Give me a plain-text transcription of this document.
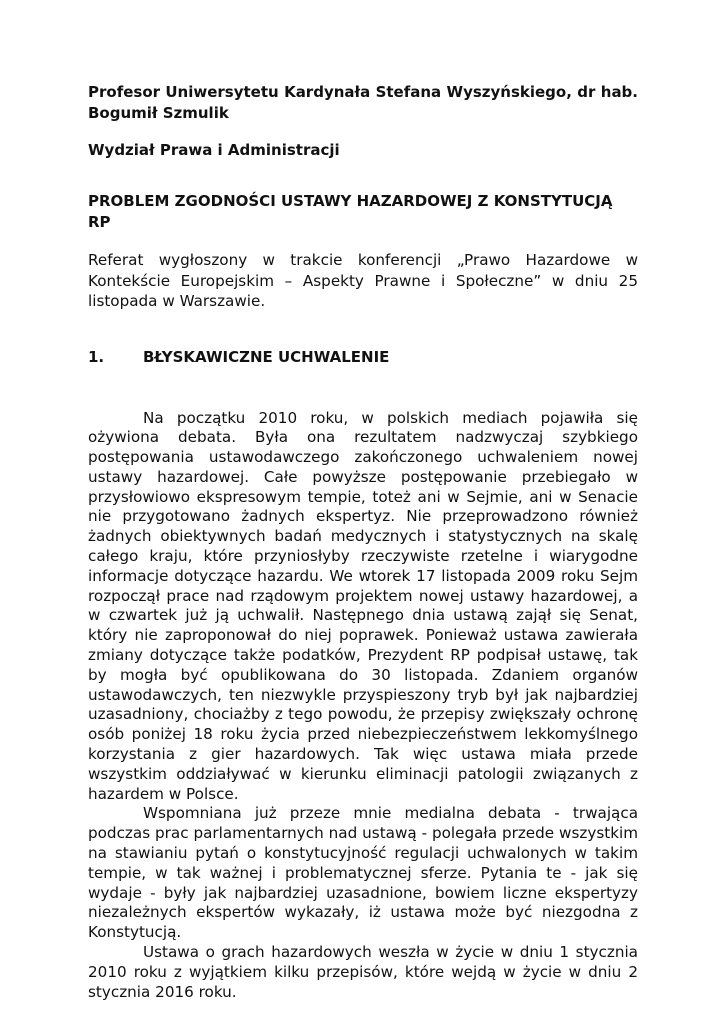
Profesor Uniwersytetu Kardynała Stefana Wyszyńskiego, dr hab. Bogumił Szmulik

Wydział Prawa i Administracji

PROBLEM ZGODNOŚCI USTAWY HAZARDOWEJ Z KONSTYTUCJĄ RP

Referat wygłoszony w trakcie konferencji „Prawo Hazardowe w Kontekście Europejskim – Aspekty Prawne i Społeczne” w dniu 25 listopada w Warszawie.

1.	BŁYSKAWICZNE UCHWALENIE

Na początku 2010 roku, w polskich mediach pojawiła się ożywiona debata. Była ona rezultatem nadzwyczaj szybkiego postępowania ustawodawczego zakończonego uchwaleniem nowej ustawy hazardowej. Całe powyższe postępowanie przebiegało w przysłowiowo ekspresowym tempie, toteż ani w Sejmie, ani w Senacie nie przygotowano żadnych ekspertyz. Nie przeprowadzono również żadnych obiektywnych badań medycznych i statystycznych na skalę całego kraju, które przyniosłyby rzeczywiste rzetelne i wiarygodne informacje dotyczące hazardu. We wtorek 17 listopada 2009 roku Sejm rozpoczął prace nad rządowym projektem nowej ustawy hazardowej, a w czwartek już ją uchwalił. Następnego dnia ustawą zajął się Senat, który nie zaproponował do niej poprawek. Ponieważ ustawa zawierała zmiany dotyczące także podatków, Prezydent RP podpisał ustawę, tak by mogła być opublikowana do 30 listopada. Zdaniem organów ustawodawczych, ten niezwykle przyspieszony tryb był jak najbardziej uzasadniony, chociażby z tego powodu, że przepisy zwiększały ochronę osób poniżej 18 roku życia przed niebezpieczeństwem lekkomyślnego korzystania z gier hazardowych. Tak więc ustawa miała przede wszystkim oddziaływać w kierunku eliminacji patologii związanych z hazardem w Polsce.

Wspomniana już przeze mnie medialna debata - trwająca podczas prac parlamentarnych nad ustawą - polegała przede wszystkim na stawianiu pytań o konstytucyjność regulacji uchwalonych w takim tempie, w tak ważnej i problematycznej sferze. Pytania te - jak się wydaje - były jak najbardziej uzasadnione, bowiem liczne ekspertyzy niezależnych ekspertów wykazały, iż ustawa może być niezgodna z Konstytucją.

Ustawa o grach hazardowych weszła w życie w dniu 1 stycznia 2010 roku z wyjątkiem kilku przepisów, które wejdą w życie w dniu 2 stycznia 2016 roku.
